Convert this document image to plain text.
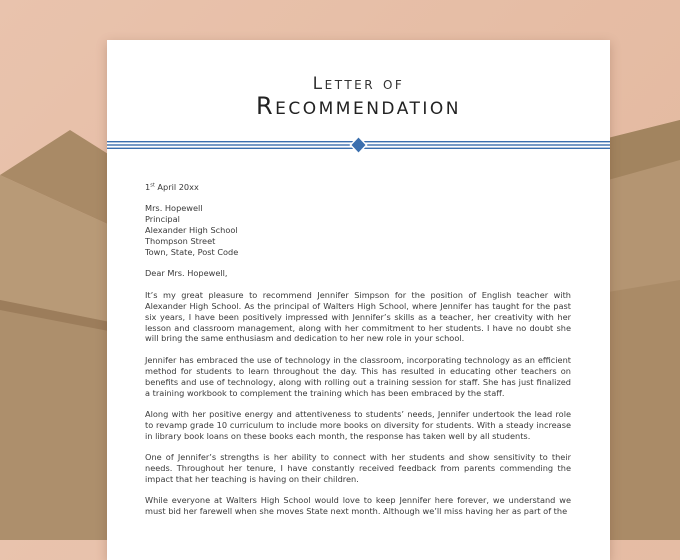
Letter of
Recommendation

1st April 20xx

Mrs. Hopewell
Principal
Alexander High School
Thompson Street
Town, State, Post Code

Dear Mrs. Hopewell,

It’s my great pleasure to recommend Jennifer Simpson for the position of English teacher with Alexander High School. As the principal of Walters High School, where Jennifer has taught for the past six years, I have been positively impressed with Jennifer’s skills as a teacher, her creativity with her lesson and classroom management, along with her commitment to her students. I have no doubt she will bring the same enthusiasm and dedication to her new role in your school.

Jennifer has embraced the use of technology in the classroom, incorporating technology as an efficient method for students to learn throughout the day. This has resulted in educating other teachers on benefits and use of technology, along with rolling out a training session for staff. She has just finalized a training workbook to complement the training which has been embraced by the staff.

Along with her positive energy and attentiveness to students’ needs, Jennifer undertook the lead role to revamp grade 10 curriculum to include more books on diversity for students. With a steady increase in library book loans on these books each month, the response has taken well by all students.

One of Jennifer’s strengths is her ability to connect with her students and show sensitivity to their needs. Throughout her tenure, I have constantly received feedback from parents commending the impact that her teaching is having on their children.

While everyone at Walters High School would love to keep Jennifer here forever, we understand we must bid her farewell when she moves State next month. Although we’ll miss having her as part of the
